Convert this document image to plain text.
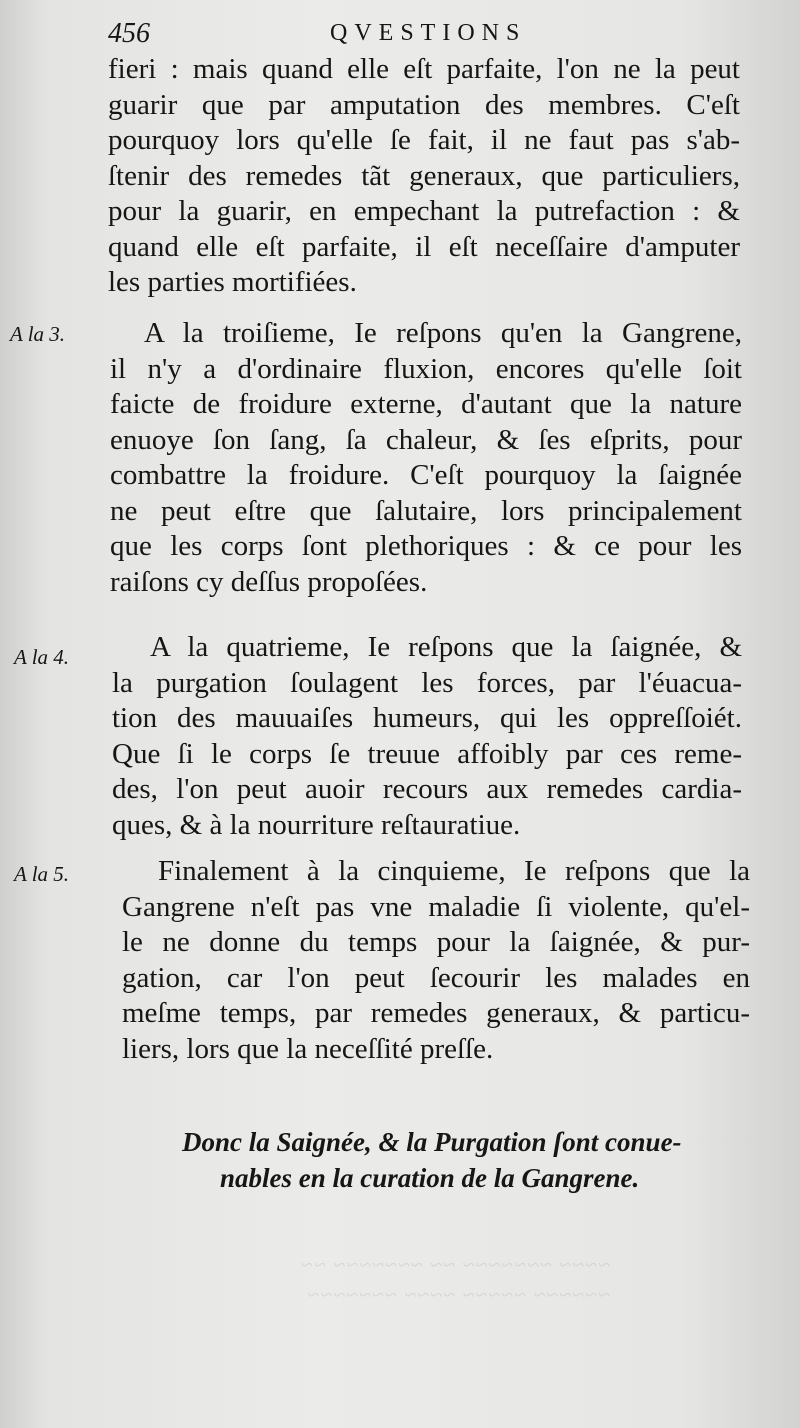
~~~~ ~~~~~~~ ~~ ~~~~~~~ ~~
~~~~~~ ~~~~~ ~~~~ ~~~~~~~
456	QVESTIONS
fieri : mais quand elle eſt parfaite, l'on ne la peut
guarir que par amputation des membres. C'eſt
pourquoy lors qu'elle ſe fait, il ne faut pas s'ab-
ſtenir des remedes tãt generaux, que particuliers,
pour la guarir, en empechant la putrefaction : &
quand elle eſt parfaite, il eſt neceſſaire d'amputer
les parties mortifiées.
A la 3.	A la troiſieme, Ie reſpons qu'en la Gangrene,
il n'y a d'ordinaire fluxion, encores qu'elle ſoit
faicte de froidure externe, d'autant que la nature
enuoye ſon ſang, ſa chaleur, & ſes eſprits, pour
combattre la froidure. C'eſt pourquoy la ſaignée
ne peut eſtre que ſalutaire, lors principalement
que les corps ſont plethoriques : & ce pour les
raiſons cy deſſus propoſées.
A la 4.	A la quatrieme, Ie reſpons que la ſaignée, &
la purgation ſoulagent les forces, par l'éuacua-
tion des mauuaiſes humeurs, qui les oppreſſoiét.
Que ſi le corps ſe treuue affoibly par ces reme-
des, l'on peut auoir recours aux remedes cardia-
ques, & à la nourriture reſtauratiue.
A la 5.	Finalement à la cinquieme, Ie reſpons que la
Gangrene n'eſt pas vne maladie ſi violente, qu'el-
le ne donne du temps pour la ſaignée, & pur-
gation, car l'on peut ſecourir les malades en
meſme temps, par remedes generaux, & particu-
liers, lors que la neceſſité preſſe.
Donc la Saignée, & la Purgation ſont conue-
nables en la curation de la Gangrene.
